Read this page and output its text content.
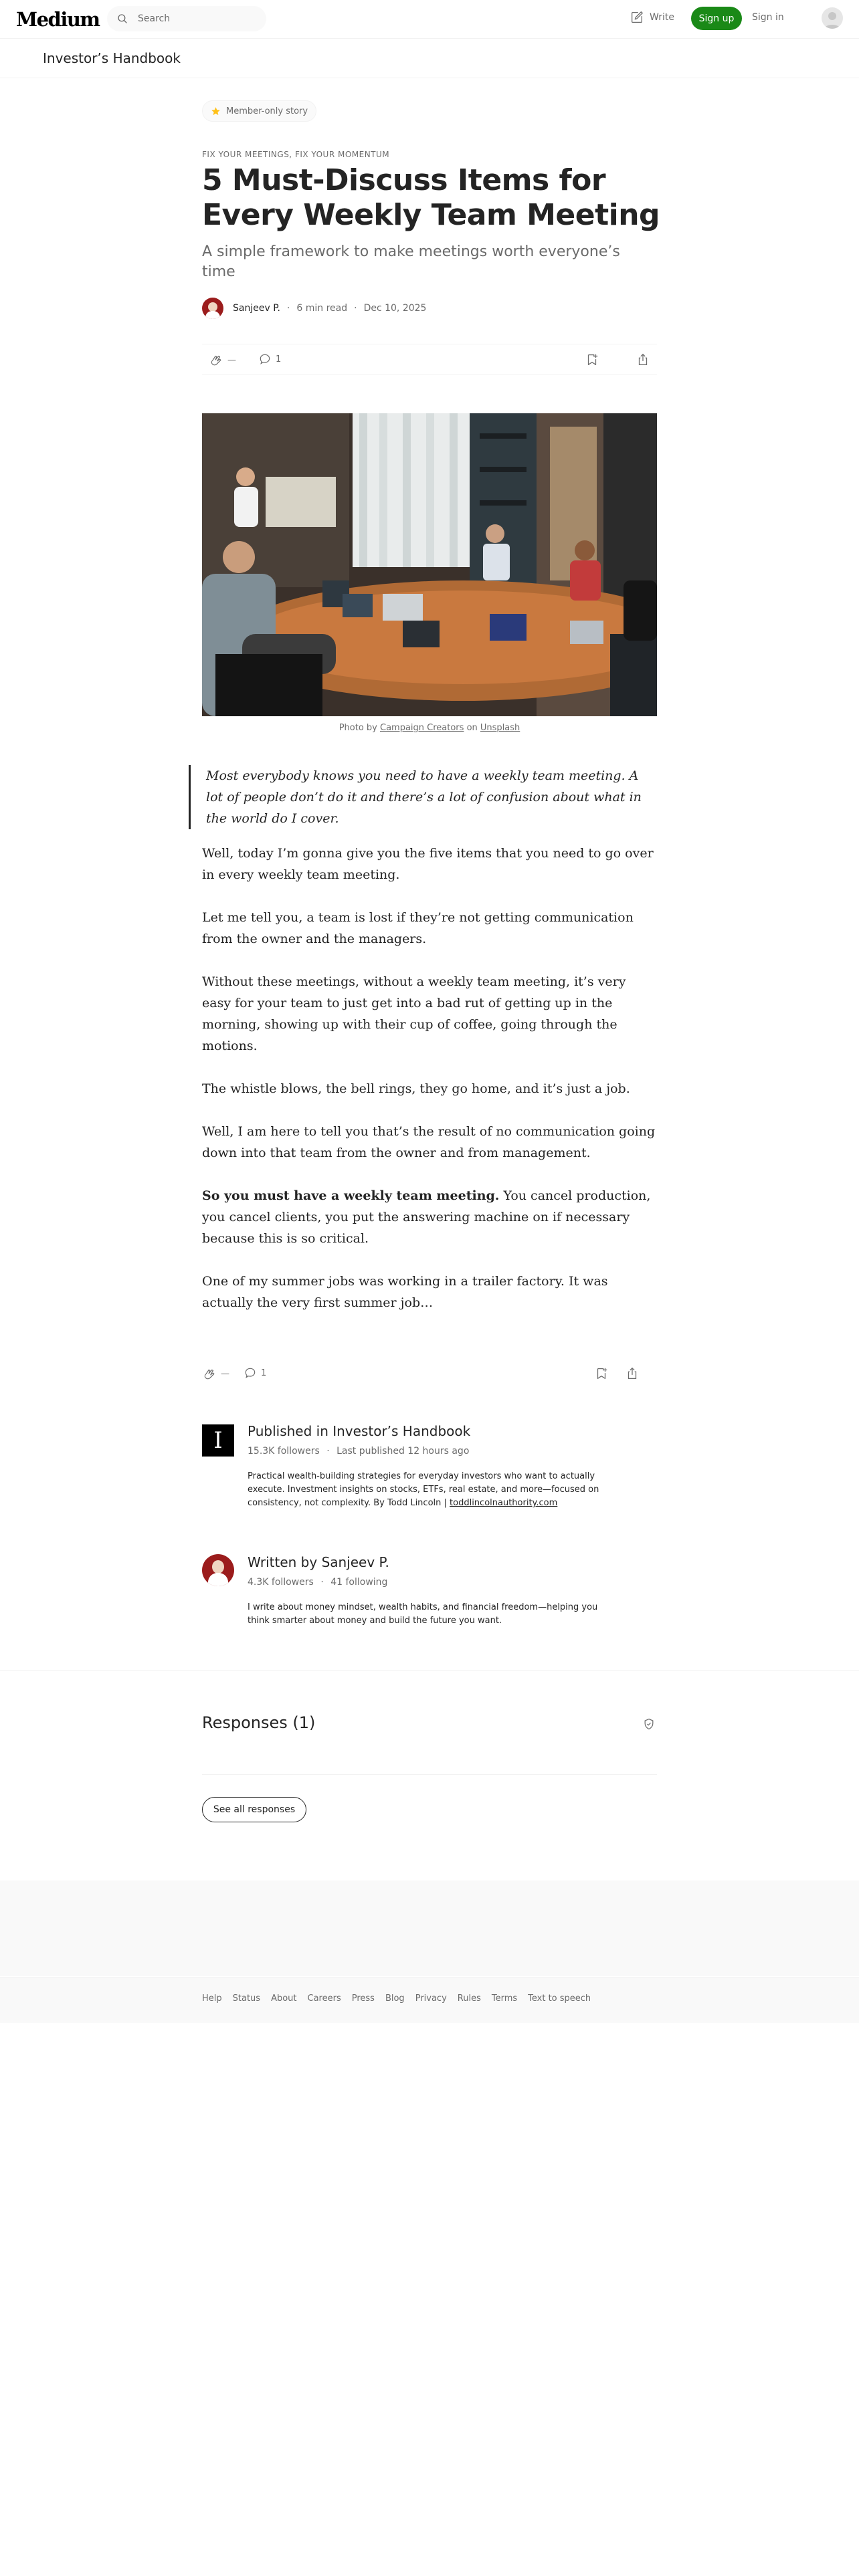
Medium	Search	Write	Sign up	Sign in
Investor’s Handbook
Member-only story
FIX YOUR MEETINGS, FIX YOUR MOMENTUM
5 Must-Discuss Items for Every Weekly Team Meeting

A simple framework to make meetings worth everyone’s time

Sanjeev P. · 6 min read · Dec 10, 2025
—	1
Photo by Campaign Creators on Unsplash
Most everybody knows you need to have a weekly team meeting. A lot of people don’t do it and there’s a lot of confusion about what in the world do I cover.

Well, today I’m gonna give you the five items that you need to go over in every weekly team meeting.

Let me tell you, a team is lost if they’re not getting communication from the owner and the managers.

Without these meetings, without a weekly team meeting, it’s very easy for your team to just get into a bad rut of getting up in the morning, showing up with their cup of coffee, going through the motions.

The whistle blows, the bell rings, they go home, and it’s just a job.

Well, I am here to tell you that’s the result of no communication going down into that team from the owner and from management.

So you must have a weekly team meeting. You cancel production, you cancel clients, you put the answering machine on if necessary because this is so critical.

One of my summer jobs was working in a trailer factory. It was actually the very first summer job…

—	1
I	Published in Investor’s Handbook
15.3K followers · Last published 12 hours ago

Practical wealth-building strategies for everyday investors who want to actually execute. Investment insights on stocks, ETFs, real estate, and more—focused on consistency, not complexity. By Todd Lincoln | toddlincolnauthority.com

Written by Sanjeev P.
4.3K followers · 41 following

I write about money mindset, wealth habits, and financial freedom—helping you think smarter about money and build the future you want.

Responses (1)
See all responses
Help Status About Careers Press Blog Privacy Rules Terms Text to speech
